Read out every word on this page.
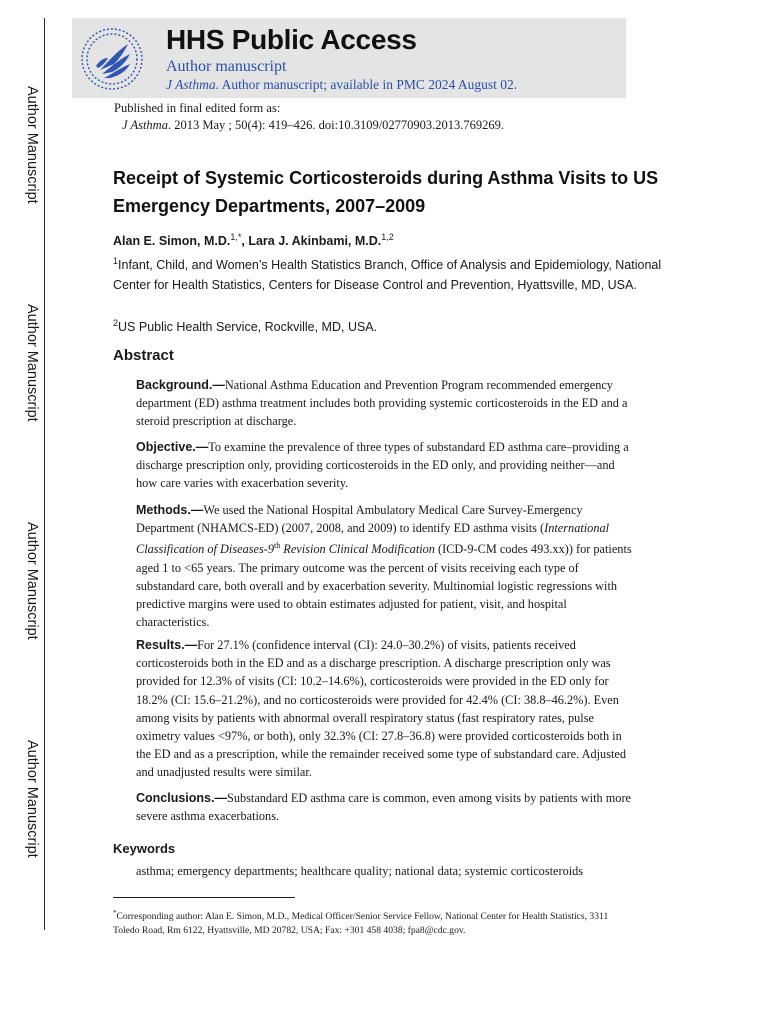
Author Manuscript
Author Manuscript
Author Manuscript
Author Manuscript
HHS Public Access
Author manuscript
J Asthma. Author manuscript; available in PMC 2024 August 02.
Published in final edited form as:
J Asthma. 2013 May ; 50(4): 419–426. doi:10.3109/02770903.2013.769269.
Receipt of Systemic Corticosteroids during Asthma Visits to US Emergency Departments, 2007–2009
Alan E. Simon, M.D.$^{1,*}$, Lara J. Akinbami, M.D.$^{1,2}$
$^1$Infant, Child, and Women’s Health Statistics Branch, Office of Analysis and Epidemiology, National Center for Health Statistics, Centers for Disease Control and Prevention, Hyattsville, MD, USA.
$^2$US Public Health Service, Rockville, MD, USA.
Abstract
Background.—National Asthma Education and Prevention Program recommended emergency department (ED) asthma treatment includes both providing systemic corticosteroids in the ED and a steroid prescription at discharge.
Objective.—To examine the prevalence of three types of substandard ED asthma care–providing a discharge prescription only, providing corticosteroids in the ED only, and providing neither—and how care varies with exacerbation severity.
Methods.—We used the National Hospital Ambulatory Medical Care Survey-Emergency Department (NHAMCS-ED) (2007, 2008, and 2009) to identify ED asthma visits (International Classification of Diseases-9th Revision Clinical Modification (ICD-9-CM codes 493.xx)) for patients aged 1 to <65 years. The primary outcome was the percent of visits receiving each type of substandard care, both overall and by exacerbation severity. Multinomial logistic regressions with predictive margins were used to obtain estimates adjusted for patient, visit, and hospital characteristics.
Results.—For 27.1% (confidence interval (CI): 24.0–30.2%) of visits, patients received corticosteroids both in the ED and as a discharge prescription. A discharge prescription only was provided for 12.3% of visits (CI: 10.2–14.6%), corticosteroids were provided in the ED only for 18.2% (CI: 15.6–21.2%), and no corticosteroids were provided for 42.4% (CI: 38.8–46.2%). Even among visits by patients with abnormal overall respiratory status (fast respiratory rates, pulse oximetry values <97%, or both), only 32.3% (CI: 27.8–36.8) were provided corticosteroids both in the ED and as a prescription, while the remainder received some type of substandard care. Adjusted and unadjusted results were similar.
Conclusions.—Substandard ED asthma care is common, even among visits by patients with more severe asthma exacerbations.
Keywords
asthma; emergency departments; healthcare quality; national data; systemic corticosteroids
*Corresponding author: Alan E. Simon, M.D., Medical Officer/Senior Service Fellow, National Center for Health Statistics, 3311 Toledo Road, Rm 6122, Hyattsville, MD 20782, USA; Fax: +301 458 4038; fpa8@cdc.gov.
